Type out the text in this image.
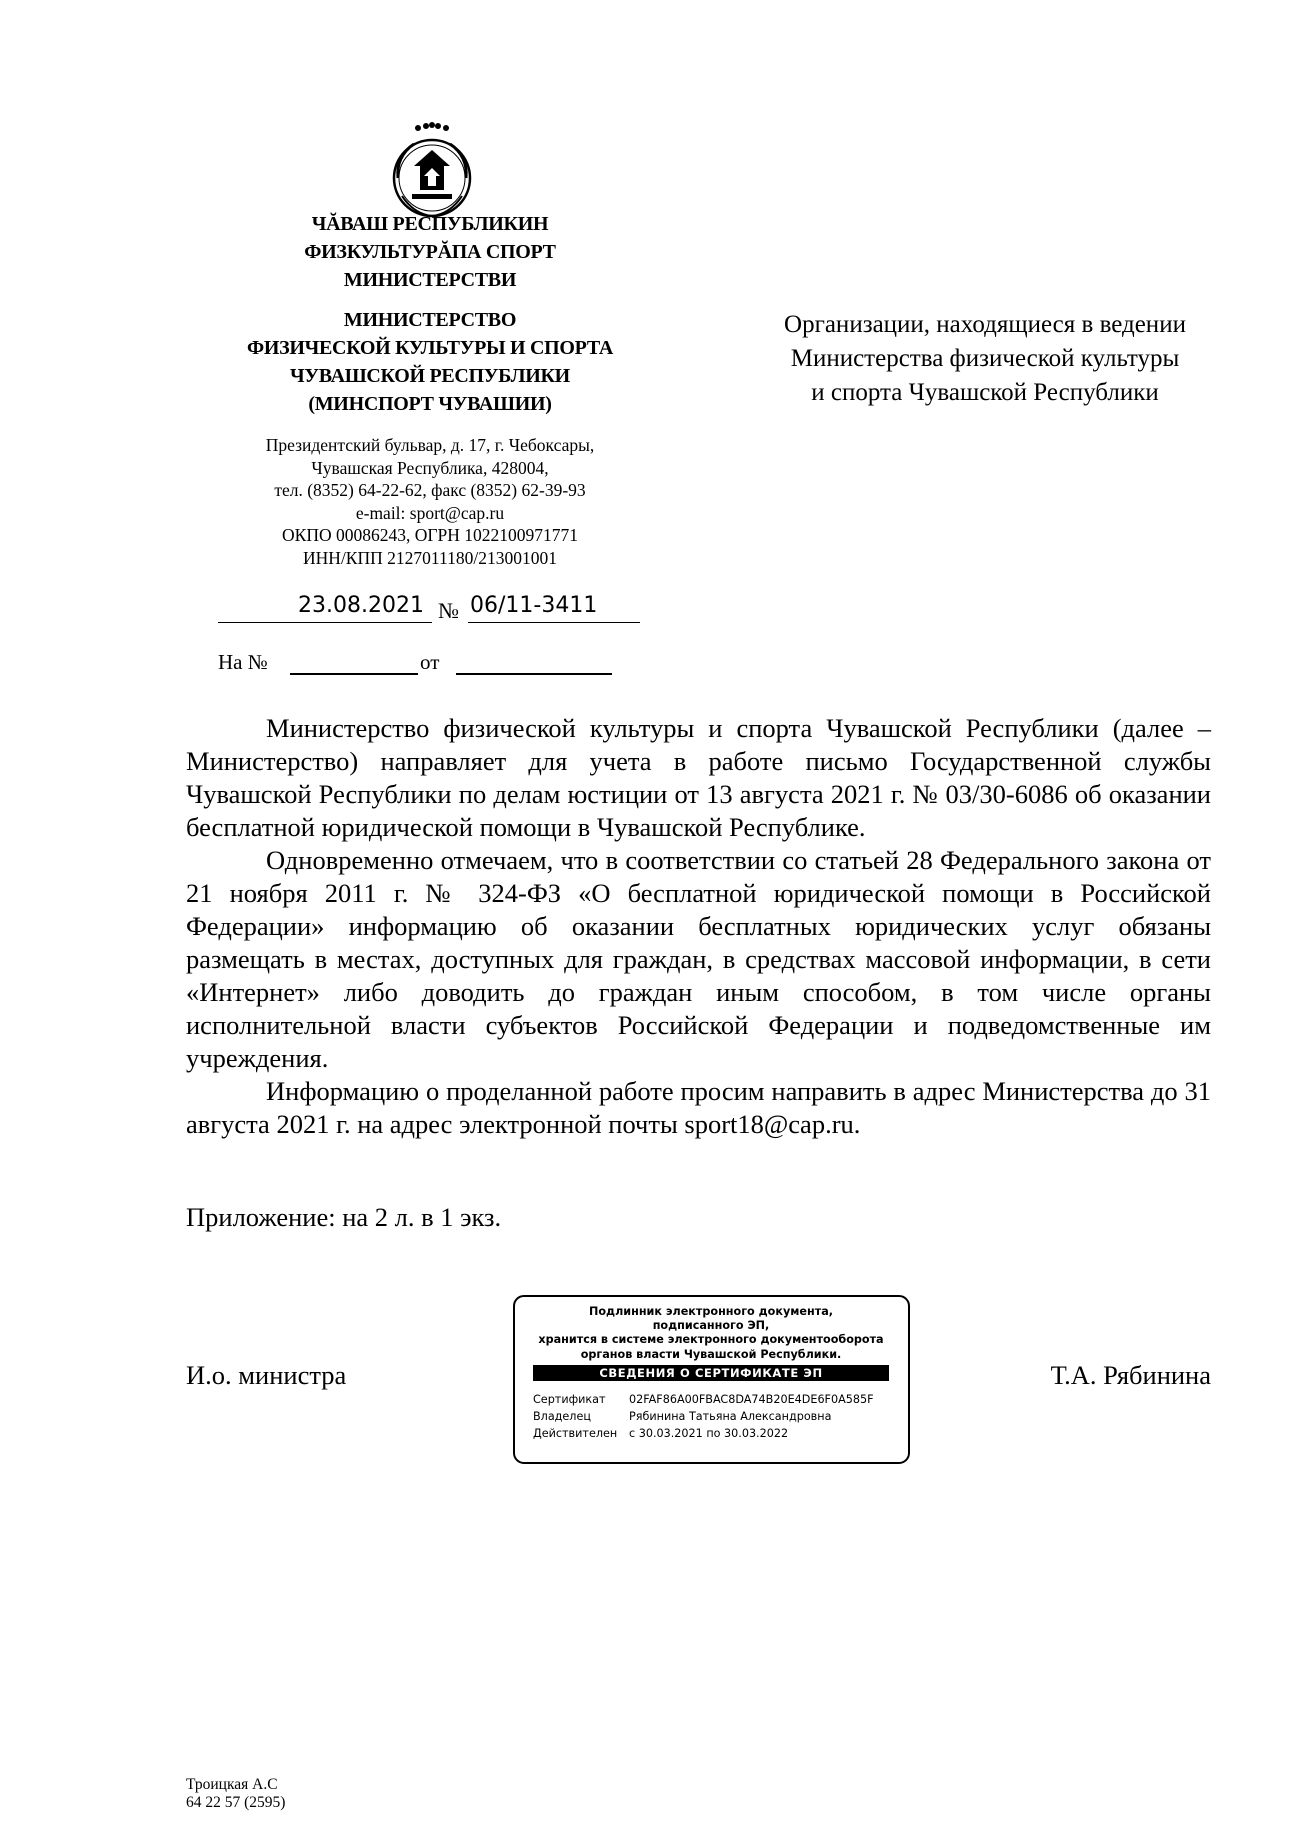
ЧĂВАШ РЕСПУБЛИКИН
ФИЗКУЛЬТУРĂПА СПОРТ
МИНИСТЕРСТВИ
МИНИСТЕРСТВО
ФИЗИЧЕСКОЙ КУЛЬТУРЫ И СПОРТА
ЧУВАШСКОЙ РЕСПУБЛИКИ
(МИНСПОРТ ЧУВАШИИ)
Президентский бульвар, д. 17, г. Чебоксары,
Чувашская Республика, 428004,
тел. (8352) 64-22-62, факс (8352) 62-39-93
e-mail: sport@cap.ru
ОКПО 00086243, ОГРН 1022100971771
ИНН/КПП 2127011180/213001001
23.08.2021 № 06/11-3411
На №	от
Организации, находящиеся в ведении
Министерства физической культуры
и спорта Чувашской Республики

Министерство физической культуры и спорта Чувашской Республики (далее – Министерство) направляет для учета в работе письмо Государственной службы Чувашской Республики по делам юстиции от 13 августа 2021 г. № 03/30-6086 об оказании бесплатной юридической помощи в Чувашской Республике.

Одновременно отмечаем, что в соответствии со статьей 28 Федерального закона от 21 ноября 2011 г. № 324-ФЗ «О бесплатной юридической помощи в Российской Федерации» информацию об оказании бесплатных юридических услуг обязаны размещать в местах, доступных для граждан, в средствах массовой информации, в сети «Интернет» либо доводить до граждан иным способом, в том числе органы исполнительной власти субъектов Российской Федерации и подведомственные им учреждения.

Информацию о проделанной работе просим направить в адрес Министерства до 31 августа 2021 г. на адрес электронной почты sport18@cap.ru.

Приложение: на 2 л. в 1 экз.
И.о. министра	Т.А. Рябинина
Подлинник электронного документа,
подписанного ЭП,
хранится в системе электронного документооборота
органов власти Чувашской Республики.
СВЕДЕНИЯ О СЕРТИФИКАТЕ ЭП
Сертификат 02FAF86A00FBAC8DA74B20E4DE6F0A585F
Владелец	Рябинина Татьяна Александровна
Действителен с 30.03.2021 по 30.03.2022
Троицкая А.С
64 22 57 (2595)
